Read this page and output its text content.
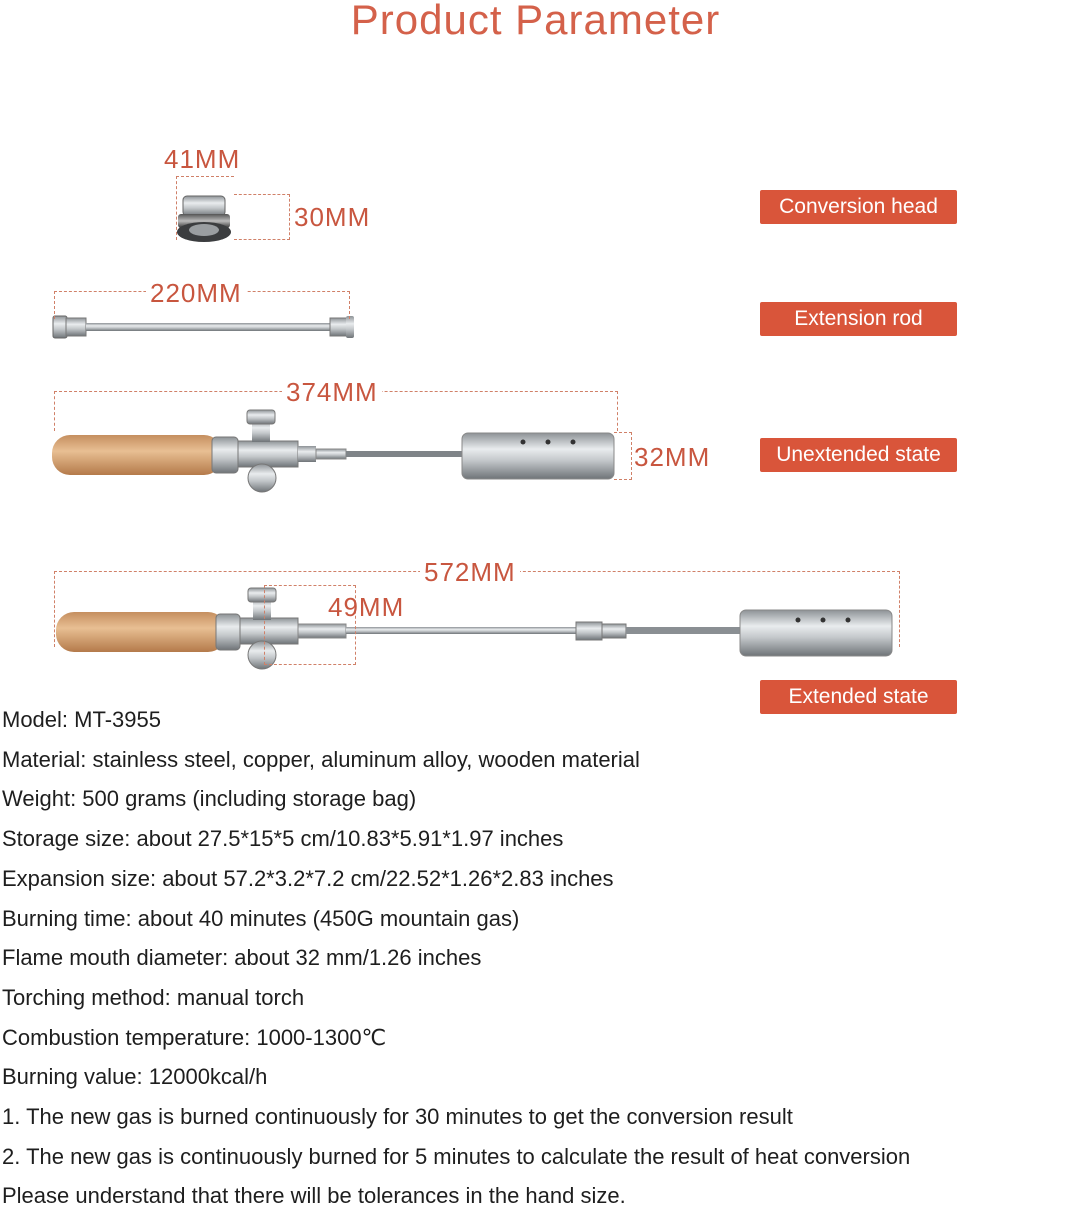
Product Parameter
41MM
30MM
220MM
374MM
32MM
572MM
49MM
Conversion head
Extension rod
Unextended state
Extended state
Model: MT-3955
Material: stainless steel, copper, aluminum alloy, wooden material
Weight: 500 grams (including storage bag)
Storage size: about 27.5*15*5 cm/10.83*5.91*1.97 inches
Expansion size: about 57.2*3.2*7.2 cm/22.52*1.26*2.83 inches
Burning time: about 40 minutes (450G mountain gas)
Flame mouth diameter: about 32 mm/1.26 inches
Torching method: manual torch
Combustion temperature: 1000-1300℃
Burning value: 12000kcal/h
1. The new gas is burned continuously for 30 minutes to get the conversion result
2. The new gas is continuously burned for 5 minutes to calculate the result of heat conversion
Please understand that there will be tolerances in the hand size.
